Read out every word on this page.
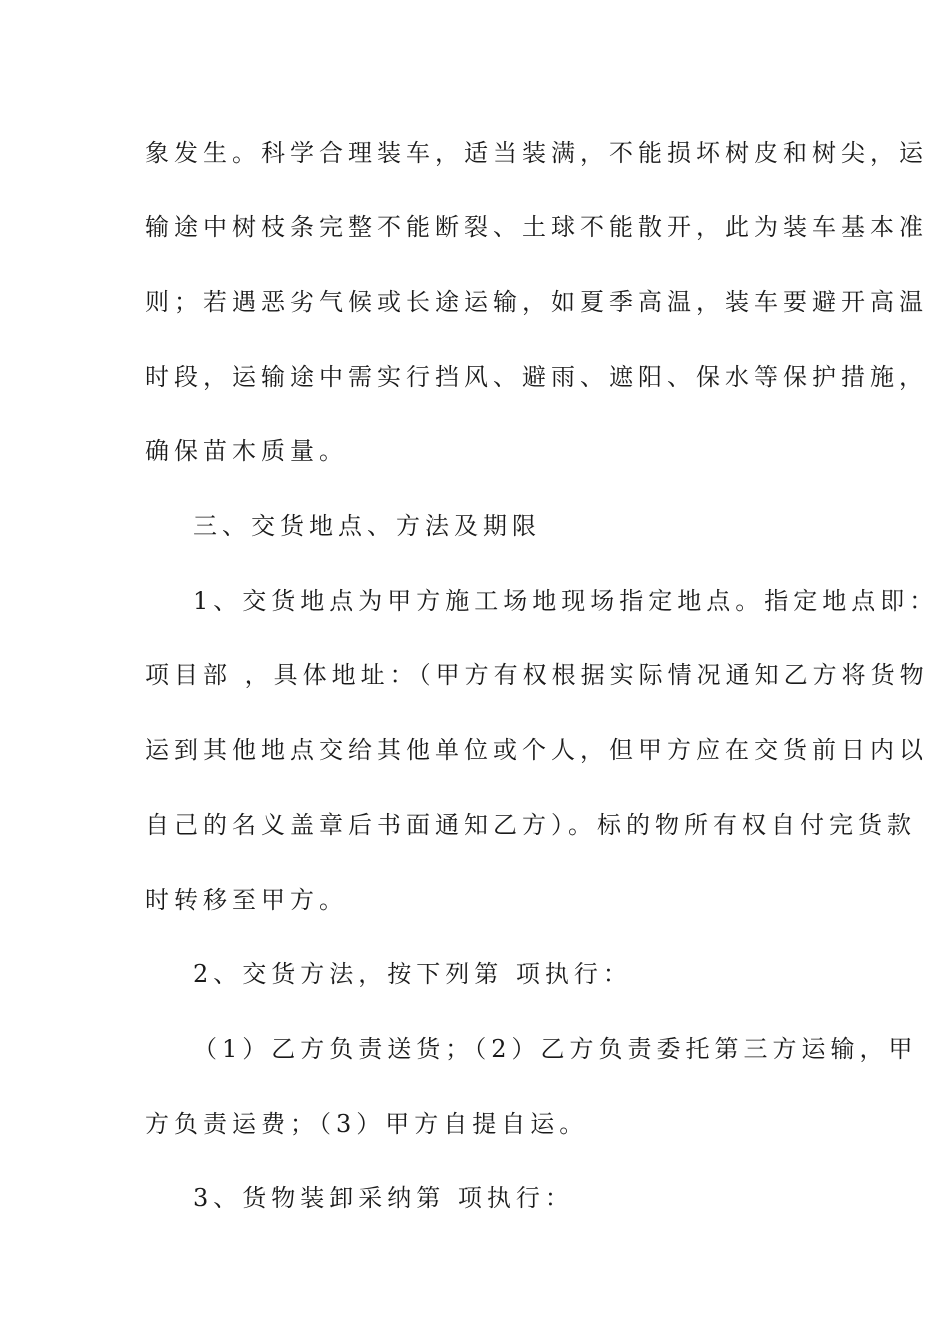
象发生。科学合理装车，适当装满，不能损坏树皮和树尖，运
输途中树枝条完整不能断裂、土球不能散开，此为装车基本准
则；若遇恶劣气候或长途运输，如夏季高温，装车要避开高温
时段，运输途中需实行挡风、避雨、遮阳、保水等保护措施，
确保苗木质量。
三、交货地点、方法及期限
1、交货地点为甲方施工场地现场指定地点。指定地点即：
项目部 ，具体地址：（甲方有权根据实际情况通知乙方将货物
运到其他地点交给其他单位或个人，但甲方应在交货前日内以
自己的名义盖章后书面通知乙方）。标的物所有权自付完货款
时转移至甲方。
2、交货方法，按下列第 项执行：
（1）乙方负责送货；（2）乙方负责委托第三方运输，甲
方负责运费；（3）甲方自提自运。
3、货物装卸采纳第 项执行：
